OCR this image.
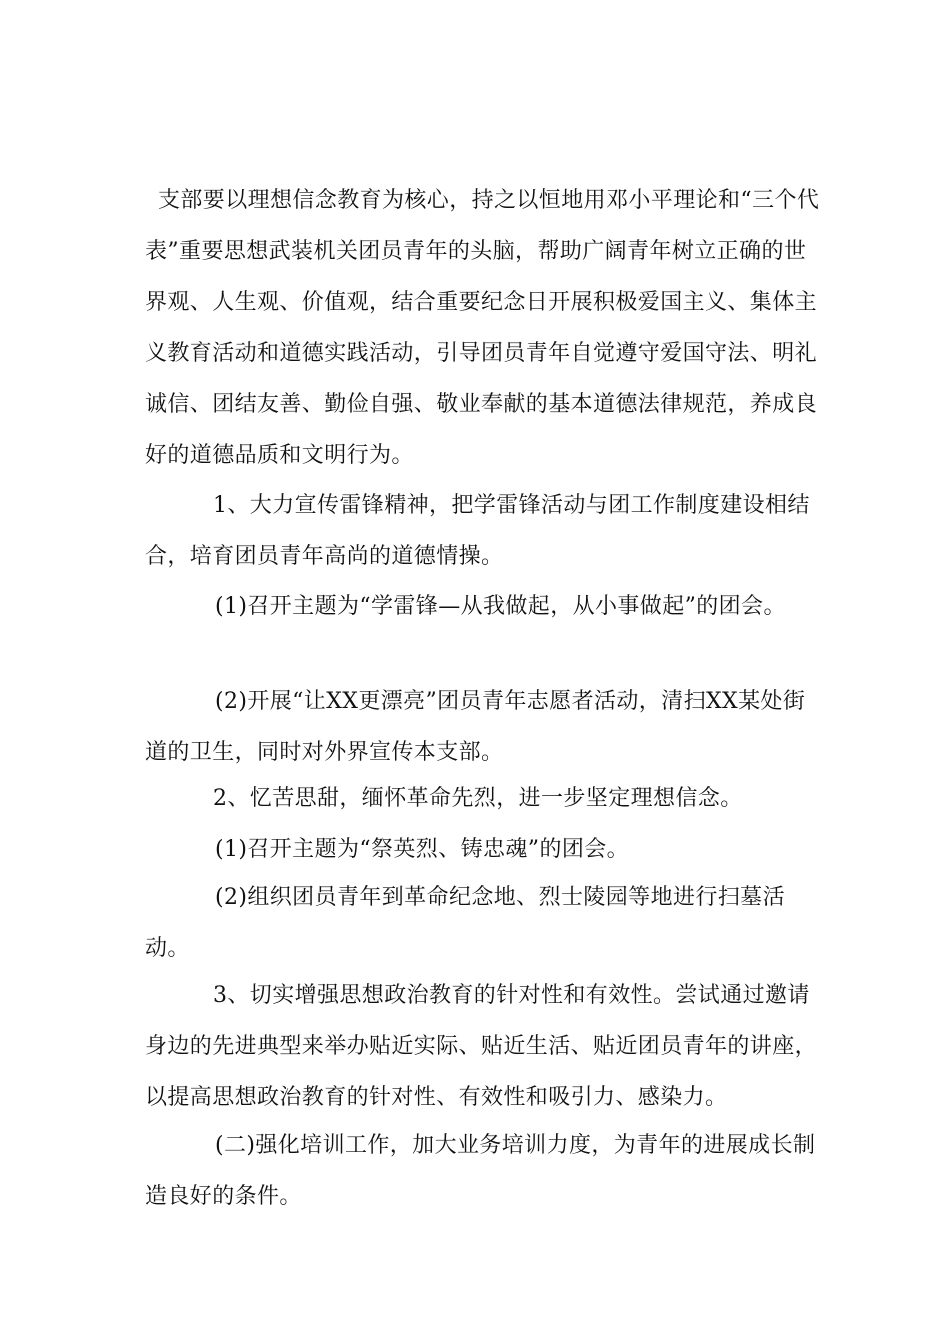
支部要以理想信念教育为核心，持之以恒地用邓小平理论和“三个代表”重要思想武装机关团员青年的头脑，帮助广阔青年树立正确的世界观、人生观、价值观，结合重要纪念日开展积极爱国主义、集体主义教育活动和道德实践活动，引导团员青年自觉遵守爱国守法、明礼诚信、团结友善、勤俭自强、敬业奉献的基本道德法律规范，养成良好的道德品质和文明行为。

1、大力宣传雷锋精神，把学雷锋活动与团工作制度建设相结合，培育团员青年高尚的道德情操。

(1)召开主题为“学雷锋—从我做起，从小事做起”的团会。

(2)开展“让XX更漂亮”团员青年志愿者活动，清扫XX某处街道的卫生，同时对外界宣传本支部。

2、忆苦思甜，缅怀革命先烈，进一步坚定理想信念。

(1)召开主题为“祭英烈、铸忠魂”的团会。

(2)组织团员青年到革命纪念地、烈士陵园等地进行扫墓活动。

3、切实增强思想政治教育的针对性和有效性。尝试通过邀请身边的先进典型来举办贴近实际、贴近生活、贴近团员青年的讲座，以提高思想政治教育的针对性、有效性和吸引力、感染力。

(二)强化培训工作，加大业务培训力度，为青年的进展成长制造良好的条件。
